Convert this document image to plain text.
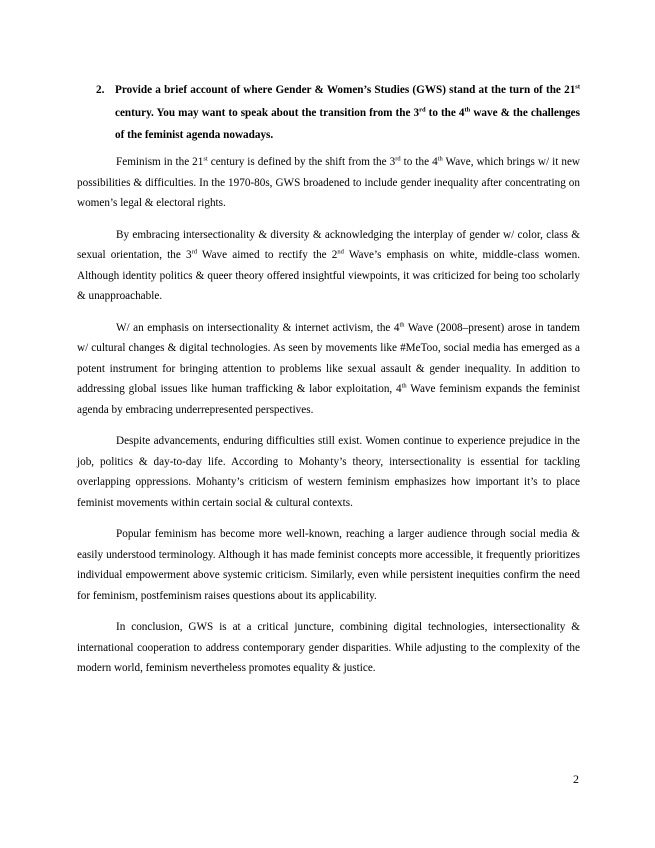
2. Provide a brief account of where Gender & Women’s Studies (GWS) stand at the turn of the 21st century. You may want to speak about the transition from the 3rd to the 4th wave & the challenges of the feminist agenda nowadays.

Feminism in the 21st century is defined by the shift from the 3rd to the 4th Wave, which brings w/ it new possibilities & difficulties. In the 1970-80s, GWS broadened to include gender inequality after concentrating on women’s legal & electoral rights.

By embracing intersectionality & diversity & acknowledging the interplay of gender w/ color, class & sexual orientation, the 3rd Wave aimed to rectify the 2nd Wave’s emphasis on white, middle-class women. Although identity politics & queer theory offered insightful viewpoints, it was criticized for being too scholarly & unapproachable.

W/ an emphasis on intersectionality & internet activism, the 4th Wave (2008–present) arose in tandem w/ cultural changes & digital technologies. As seen by movements like #MeToo, social media has emerged as a potent instrument for bringing attention to problems like sexual assault & gender inequality. In addition to addressing global issues like human trafficking & labor exploitation, 4th Wave feminism expands the feminist agenda by embracing underrepresented perspectives.

Despite advancements, enduring difficulties still exist. Women continue to experience prejudice in the job, politics & day-to-day life. According to Mohanty’s theory, intersectionality is essential for tackling overlapping oppressions. Mohanty’s criticism of western feminism emphasizes how important it’s to place feminist movements within certain social & cultural contexts.

Popular feminism has become more well-known, reaching a larger audience through social media & easily understood terminology. Although it has made feminist concepts more accessible, it frequently prioritizes individual empowerment above systemic criticism. Similarly, even while persistent inequities confirm the need for feminism, postfeminism raises questions about its applicability.

In conclusion, GWS is at a critical juncture, combining digital technologies, intersectionality & international cooperation to address contemporary gender disparities. While adjusting to the complexity of the modern world, feminism nevertheless promotes equality & justice.

2
